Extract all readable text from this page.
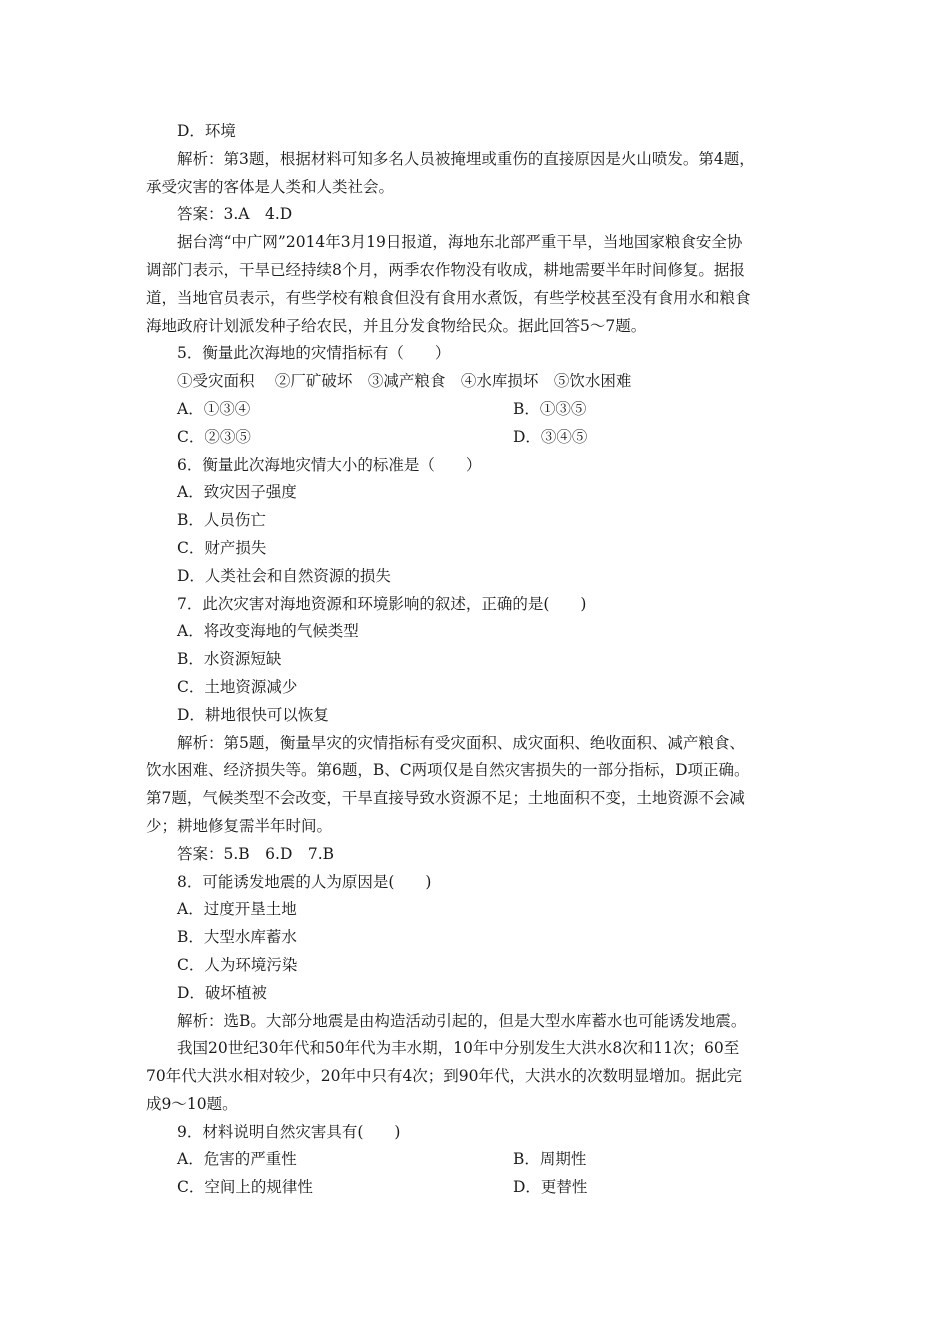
D．环境
解析：第3题，根据材料可知多名人员被掩埋或重伤的直接原因是火山喷发。第4题，
承受灾害的客体是人类和人类社会。
答案：3.A　4.D
据台湾“中广网”2014年3月19日报道，海地东北部严重干旱，当地国家粮食安全协
调部门表示，干旱已经持续8个月，两季农作物没有收成，耕地需要半年时间修复。据报
道，当地官员表示，有些学校有粮食但没有食用水煮饭，有些学校甚至没有食用水和粮食
海地政府计划派发种子给农民，并且分发食物给民众。据此回答5～7题。
5．衡量此次海地的灾情指标有（　　）
①受灾面积　 ②厂矿破坏　③减产粮食　④水库损坏　⑤饮水困难
A．①③④	B．①③⑤
C．②③⑤	D．③④⑤
6．衡量此次海地灾情大小的标准是（　　）
A．致灾因子强度
B．人员伤亡
C．财产损失
D．人类社会和自然资源的损失
7．此次灾害对海地资源和环境影响的叙述，正确的是(　　)
A．将改变海地的气候类型
B．水资源短缺
C．土地资源减少
D．耕地很快可以恢复
解析：第5题，衡量旱灾的灾情指标有受灾面积、成灾面积、绝收面积、减产粮食、
饮水困难、经济损失等。第6题，B、C两项仅是自然灾害损失的一部分指标，D项正确。
第7题，气候类型不会改变，干旱直接导致水资源不足；土地面积不变，土地资源不会减
少；耕地修复需半年时间。
答案：5.B　6.D　7.B
8．可能诱发地震的人为原因是(　　)
A．过度开垦土地
B．大型水库蓄水
C．人为环境污染
D．破坏植被
解析：选B。大部分地震是由构造活动引起的，但是大型水库蓄水也可能诱发地震。
我国20世纪30年代和50年代为丰水期，10年中分别发生大洪水8次和11次；60至
70年代大洪水相对较少，20年中只有4次；到90年代，大洪水的次数明显增加。据此完
成9～10题。
9．材料说明自然灾害具有(　　)
A．危害的严重性	B．周期性
C．空间上的规律性	D．更替性
